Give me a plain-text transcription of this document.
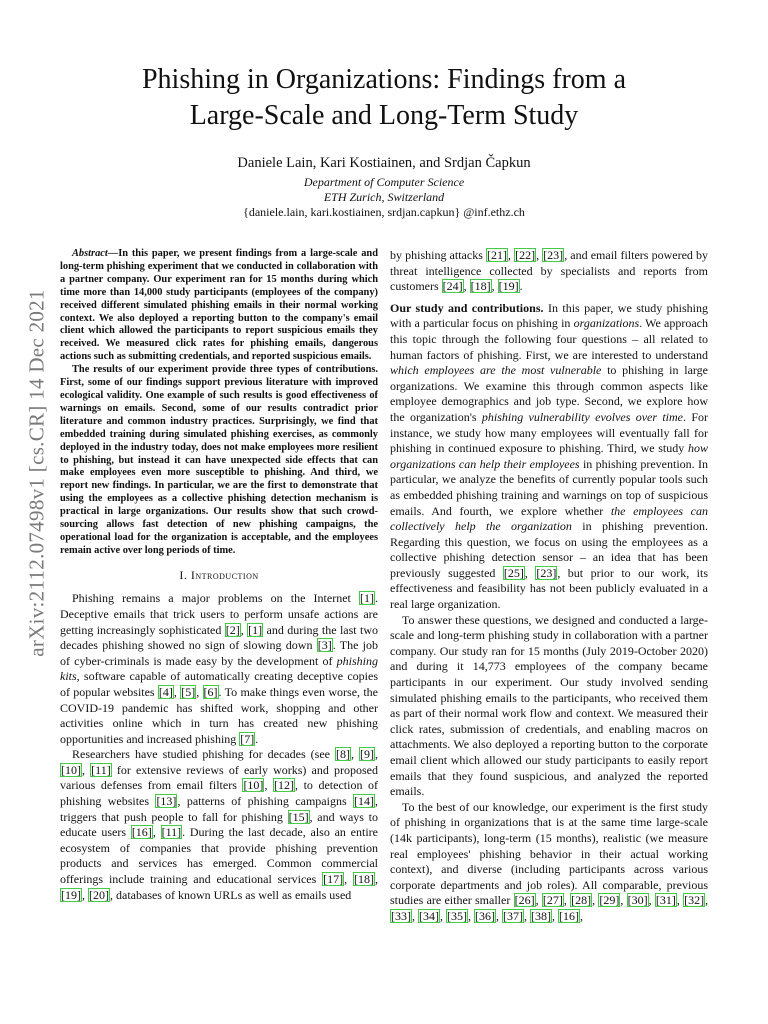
arXiv:2112.07498v1 [cs.CR] 14 Dec 2021
Phishing in Organizations: Findings from a
Large-Scale and Long-Term Study
Daniele Lain, Kari Kostiainen, and Srdjan Čapkun
Department of Computer Science
ETH Zurich, Switzerland
{daniele.lain, kari.kostiainen, srdjan.capkun} @inf.ethz.ch

Abstract—In this paper, we present findings from a large-scale and long-term phishing experiment that we conducted in collaboration with a partner company. Our experiment ran for 15 months during which time more than 14,000 study participants (employees of the company) received different simulated phishing emails in their normal working context. We also deployed a reporting button to the company's email client which allowed the participants to report suspicious emails they received. We measured click rates for phishing emails, dangerous actions such as submitting credentials, and reported suspicious emails.

The results of our experiment provide three types of contributions. First, some of our findings support previous literature with improved ecological validity. One example of such results is good effectiveness of warnings on emails. Second, some of our results contradict prior literature and common industry practices. Surprisingly, we find that embedded training during simulated phishing exercises, as commonly deployed in the industry today, does not make employees more resilient to phishing, but instead it can have unexpected side effects that can make employees even more susceptible to phishing. And third, we report new findings. In particular, we are the first to demonstrate that using the employees as a collective phishing detection mechanism is practical in large organizations. Our results show that such crowd-sourcing allows fast detection of new phishing campaigns, the operational load for the organization is acceptable, and the employees remain active over long periods of time.

I. Introduction

Phishing remains a major problems on the Internet [1]. Deceptive emails that trick users to perform unsafe actions are getting increasingly sophisticated [2], [1] and during the last two decades phishing showed no sign of slowing down [3]. The job of cyber-criminals is made easy by the development of phishing kits, software capable of automatically creating deceptive copies of popular websites [4], [5], [6]. To make things even worse, the COVID-19 pandemic has shifted work, shopping and other activities online which in turn has created new phishing opportunities and increased phishing [7].

Researchers have studied phishing for decades (see [8], [9], [10], [11] for extensive reviews of early works) and proposed various defenses from email filters [10], [12], to detection of phishing websites [13], patterns of phishing campaigns [14], triggers that push people to fall for phishing [15], and ways to educate users [16], [11]. During the last decade, also an entire ecosystem of companies that provide phishing prevention products and services has emerged. Common commercial offerings include training and educational services [17], [18], [19], [20], databases of known URLs as well as emails used

by phishing attacks [21], [22], [23], and email filters powered by threat intelligence collected by specialists and reports from customers [24], [18], [19].

Our study and contributions. In this paper, we study phishing with a particular focus on phishing in organizations. We approach this topic through the following four questions – all related to human factors of phishing. First, we are interested to understand which employees are the most vulnerable to phishing in large organizations. We examine this through common aspects like employee demographics and job type. Second, we explore how the organization's phishing vulnerability evolves over time. For instance, we study how many employees will eventually fall for phishing in continued exposure to phishing. Third, we study how organizations can help their employees in phishing prevention. In particular, we analyze the benefits of currently popular tools such as embedded phishing training and warnings on top of suspicious emails. And fourth, we explore whether the employees can collectively help the organization in phishing prevention. Regarding this question, we focus on using the employees as a collective phishing detection sensor – an idea that has been previously suggested [25], [23], but prior to our work, its effectiveness and feasibility has not been publicly evaluated in a real large organization.

To answer these questions, we designed and conducted a large-scale and long-term phishing study in collaboration with a partner company. Our study ran for 15 months (July 2019-October 2020) and during it 14,773 employees of the company became participants in our experiment. Our study involved sending simulated phishing emails to the participants, who received them as part of their normal work flow and context. We measured their click rates, submission of credentials, and enabling macros on attachments. We also deployed a reporting button to the corporate email client which allowed our study participants to easily report emails that they found suspicious, and analyzed the reported emails.

To the best of our knowledge, our experiment is the first study of phishing in organizations that is at the same time large-scale (14k participants), long-term (15 months), realistic (we measure real employees' phishing behavior in their actual working context), and diverse (including participants across various corporate departments and job roles). All comparable, previous studies are either smaller [26], [27], [28], [29], [30], [31], [32], [33], [34], [35], [36], [37], [38], [16],
